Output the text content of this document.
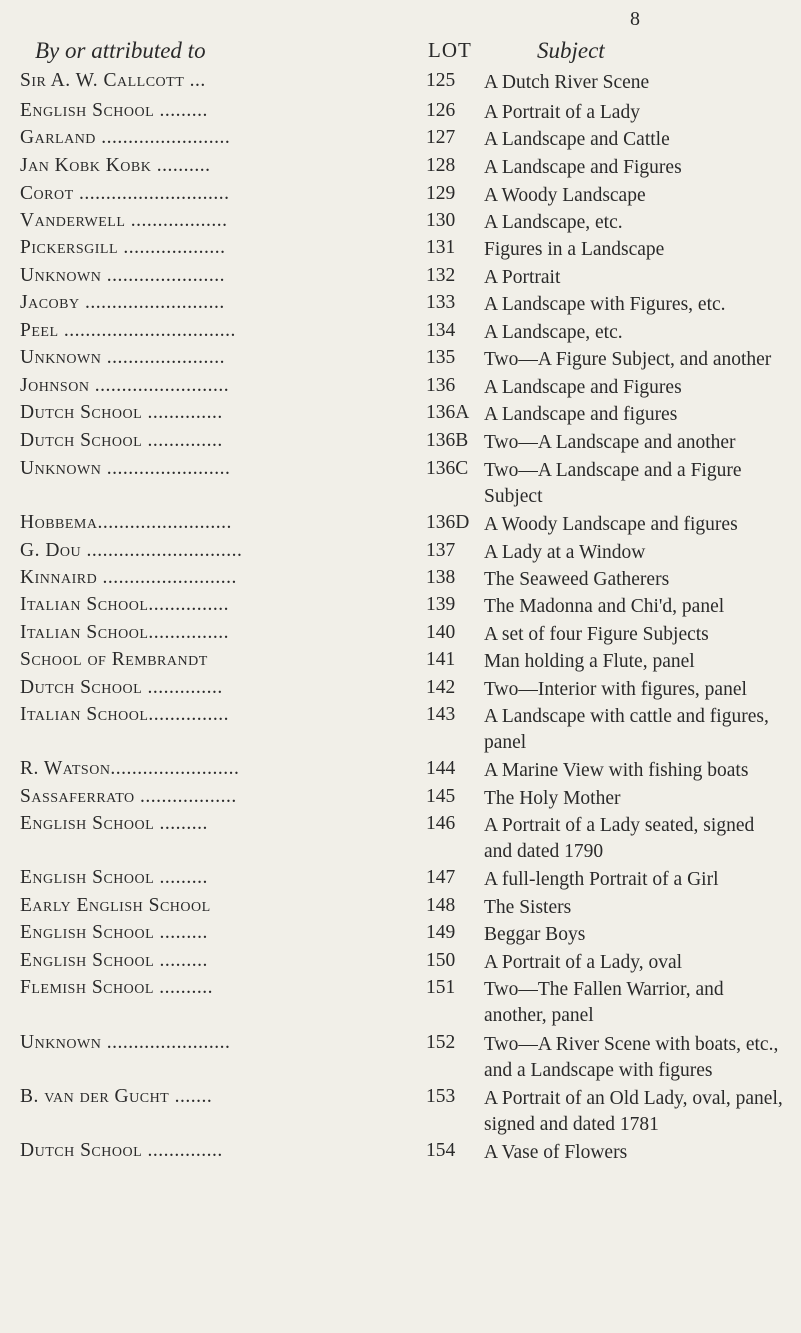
8
By or attributed to	LOT	Subject
Sir A. W. Callcott ...	125 A Dutch River Scene
English School .........	126 A Portrait of a Lady
Garland ........................	127 A Landscape and Cattle
Jan Kobk Kobk ..........	128 A Landscape and Figures
Corot ............................	129 A Woody Landscape
Vanderwell ..................	130 A Landscape, etc.
Pickersgill ...................	131 Figures in a Landscape
Unknown ......................	132 A Portrait
Jacoby ..........................	133 A Landscape with Figures, etc.
Peel ................................	134 A Landscape, etc.
Unknown ......................	135 Two—A Figure Subject, and another
Johnson .........................	136 A Landscape and Figures
Dutch School ..............	136A A Landscape and figures
Dutch School ..............	136B Two—A Landscape and another
Unknown .......................	136C Two—A Landscape and a Figure Subject
Hobbema.........................	136D A Woody Landscape and figures
G. Dou .............................	137 A Lady at a Window
Kinnaird .........................	138 The Seaweed Gatherers
Italian School...............	139 The Madonna and Chi'd, panel
Italian School...............	140 A set of four Figure Subjects
School of Rembrandt	141 Man holding a Flute, panel
Dutch School ..............	142 Two—Interior with figures, panel
Italian School...............	143 A Landscape with cattle and figures, panel
R. Watson........................	144 A Marine View with fishing boats
Sassaferrato ..................	145 The Holy Mother
English School .........	146 A Portrait of a Lady seated, signed and dated 1790
English School .........	147 A full-length Portrait of a Girl
Early English School	148 The Sisters
English School .........	149 Beggar Boys
English School .........	150 A Portrait of a Lady, oval
Flemish School ..........	151 Two—The Fallen Warrior, and another, panel
Unknown .......................	152 Two—A River Scene with boats, etc., and a Landscape with figures
B. van der Gucht .......	153 A Portrait of an Old Lady, oval, panel, signed and dated 1781
Dutch School ..............	154 A Vase of Flowers
